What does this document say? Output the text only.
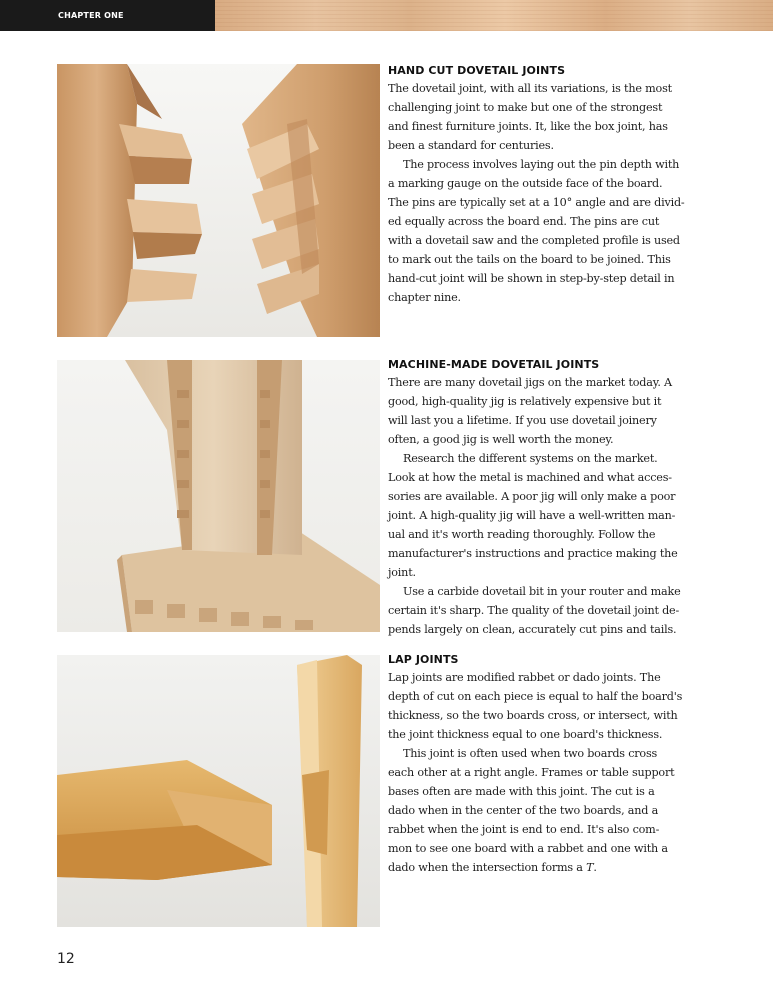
CHAPTER ONE
HAND CUT DOVETAIL JOINTS
The dovetail joint, with all its variations, is the most
challenging joint to make but one of the strongest
and finest furniture joints. It, like the box joint, has
been a standard for centuries.
The process involves laying out the pin depth with
a marking gauge on the outside face of the board.
The pins are typically set at a 10° angle and are divid-
ed equally across the board end. The pins are cut
with a dovetail saw and the completed profile is used
to mark out the tails on the board to be joined. This
hand-cut joint will be shown in step-by-step detail in
chapter nine.
MACHINE-MADE DOVETAIL JOINTS
There are many dovetail jigs on the market today. A
good, high-quality jig is relatively expensive but it
will last you a lifetime. If you use dovetail joinery
often, a good jig is well worth the money.
Research the different systems on the market.
Look at how the metal is machined and what acces-
sories are available. A poor jig will only make a poor
joint. A high-quality jig will have a well-written man-
ual and it's worth reading thoroughly. Follow the
manufacturer's instructions and practice making the
joint.
Use a carbide dovetail bit in your router and make
certain it's sharp. The quality of the dovetail joint de-
pends largely on clean, accurately cut pins and tails.
LAP JOINTS
Lap joints are modified rabbet or dado joints. The
depth of cut on each piece is equal to half the board's
thickness, so the two boards cross, or intersect, with
the joint thickness equal to one board's thickness.
This joint is often used when two boards cross
each other at a right angle. Frames or table support
bases often are made with this joint. The cut is a
dado when in the center of the two boards, and a
rabbet when the joint is end to end. It's also com-
mon to see one board with a rabbet and one with a
dado when the intersection forms a T.
12
